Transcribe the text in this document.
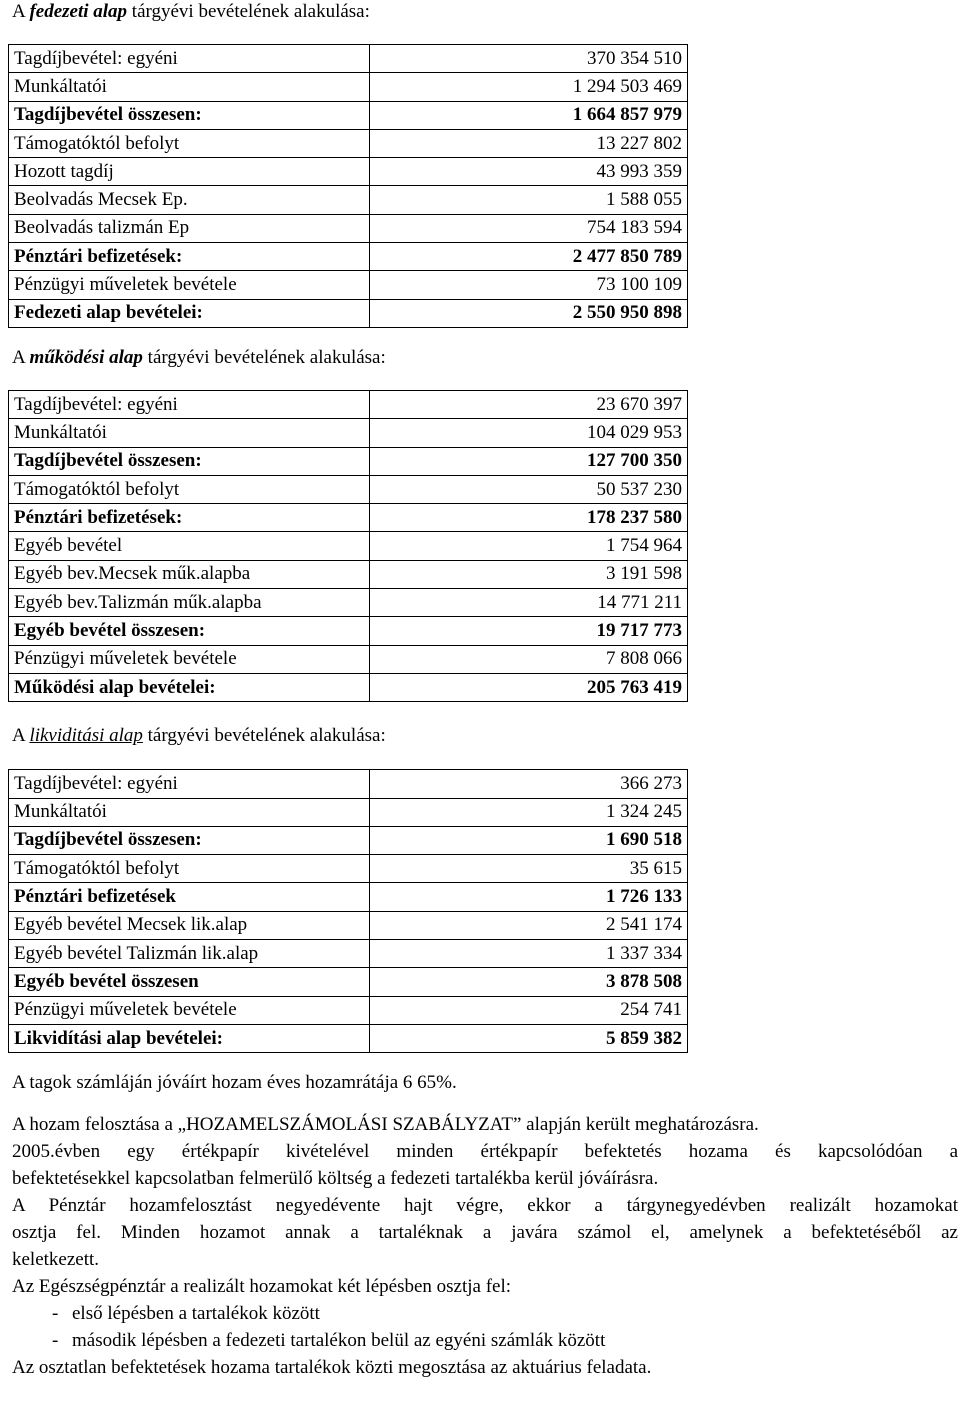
A fedezeti alap tárgyévi bevételének alakulása:

Tagdíjbevétel: egyéni	370 354 510
Munkáltatói	1 294 503 469
Tagdíjbevétel összesen:	1 664 857 979
Támogatóktól befolyt	13 227 802
Hozott tagdíj	43 993 359
Beolvadás Mecsek Ep.	1 588 055
Beolvadás talizmán Ep	754 183 594
Pénztári befizetések:	2 477 850 789
Pénzügyi műveletek bevétele	73 100 109
Fedezeti alap bevételei:	2 550 950 898

A működési alap tárgyévi bevételének alakulása:

Tagdíjbevétel: egyéni	23 670 397
Munkáltatói	104 029 953
Tagdíjbevétel összesen:	127 700 350
Támogatóktól befolyt	50 537 230
Pénztári befizetések:	178 237 580
Egyéb bevétel	1 754 964
Egyéb bev.Mecsek műk.alapba	3 191 598
Egyéb bev.Talizmán műk.alapba	14 771 211
Egyéb bevétel összesen:	19 717 773
Pénzügyi műveletek bevétele	7 808 066
Működési alap bevételei:	205 763 419

A likviditási alap tárgyévi bevételének alakulása:

Tagdíjbevétel: egyéni	366 273
Munkáltatói	1 324 245
Tagdíjbevétel összesen:	1 690 518
Támogatóktól befolyt	35 615
Pénztári befizetések	1 726 133
Egyéb bevétel Mecsek lik.alap	2 541 174
Egyéb bevétel Talizmán lik.alap	1 337 334
Egyéb bevétel összesen	3 878 508
Pénzügyi műveletek bevétele	254 741
Likvidítási alap bevételei:	5 859 382

A tagok számláján jóváírt hozam éves hozamrátája 6 65%.

A hozam felosztása a „HOZAMELSZÁMOLÁSI SZABÁLYZAT” alapján került meghatározásra.

2005.évben egy értékpapír kivételével minden értékpapír befektetés hozama és kapcsolódóan a
befektetésekkel kapcsolatban felmerülő költség a fedezeti tartalékba kerül jóváírásra.
A Pénztár hozamfelosztást negyedévente hajt végre, ekkor a tárgynegyedévben realizált hozamokat
osztja fel. Minden hozamot annak a tartaléknak a javára számol el, amelynek a befektetéséből az
keletkezett.

Az Egészségpénztár a realizált hozamokat két lépésben osztja fel:

- első lépésben a tartalékok között
- második lépésben a fedezeti tartalékon belül az egyéni számlák között

Az osztatlan befektetések hozama tartalékok közti megosztása az aktuárius feladata.
